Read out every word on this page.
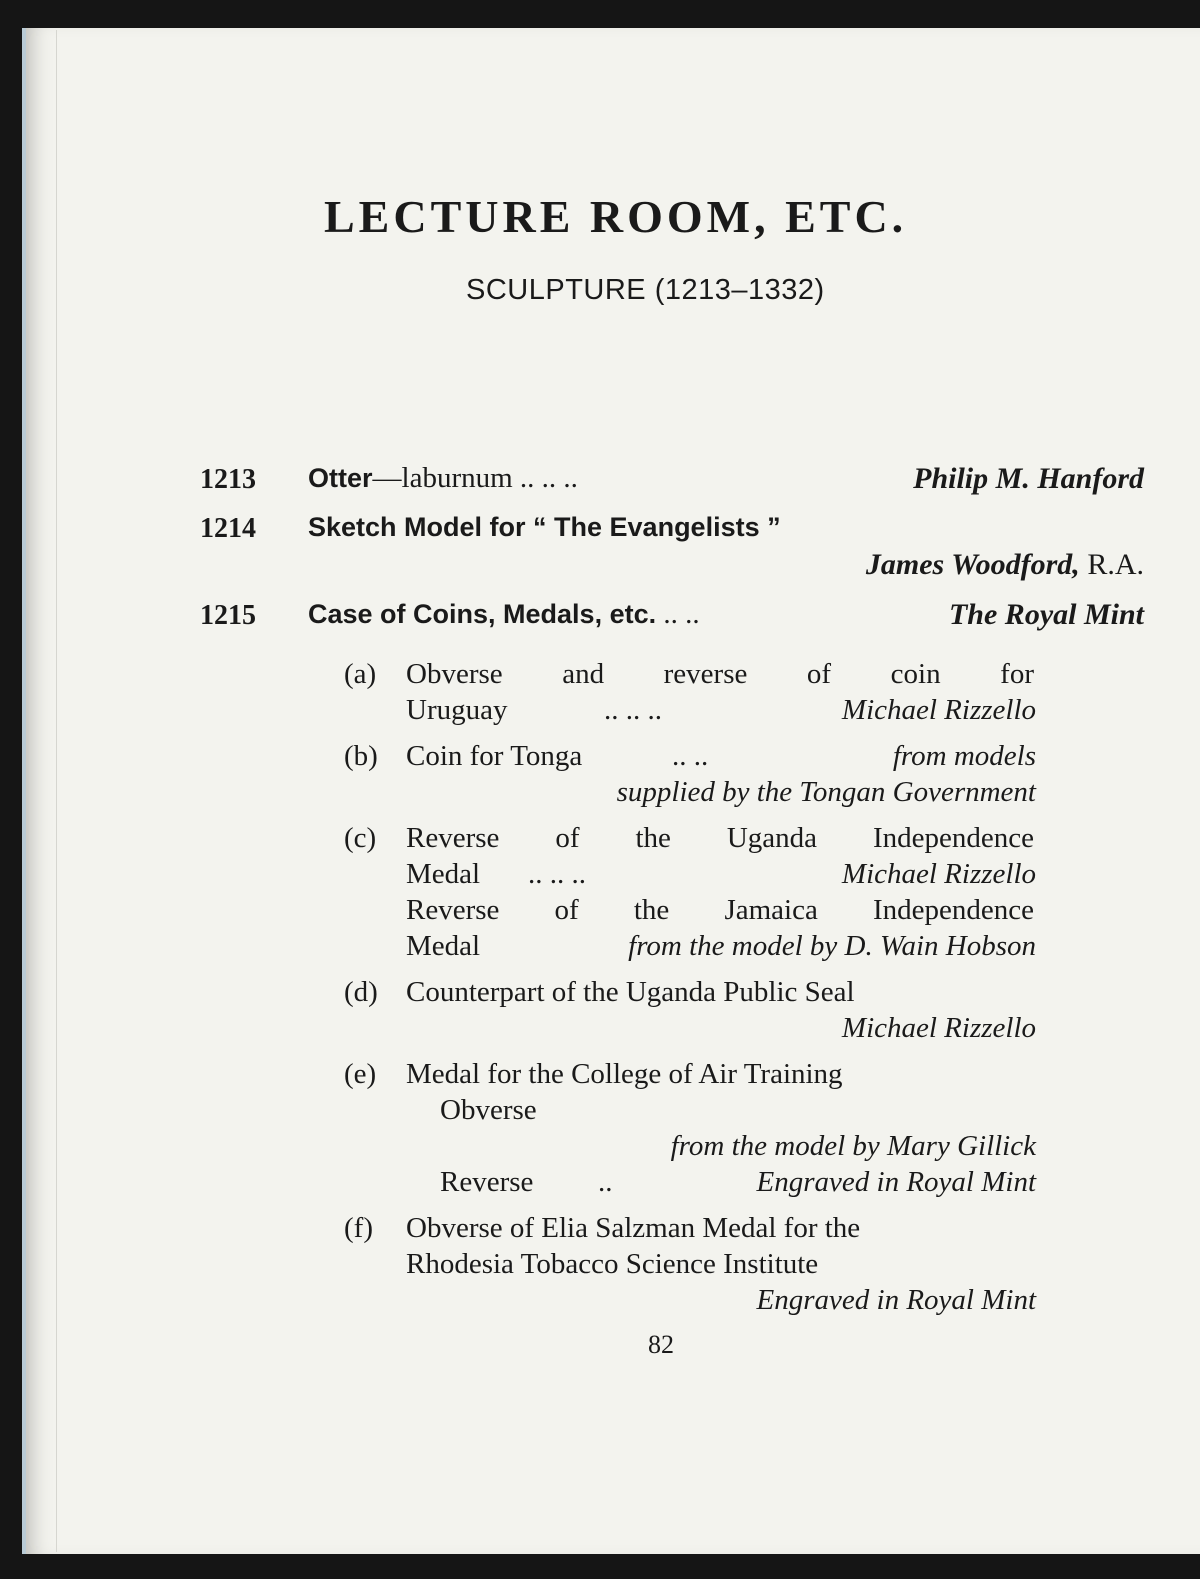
LECTURE ROOM, ETC.
SCULPTURE (1213–1332)
1213 Otter—laburnum .. .. ..	Philip M. Hanford
1214 Sketch Model for “ The Evangelists ”
James Woodford, R.A.
1215 Case of Coins, Medals, etc. .. ..	The Royal Mint
(a) Obverse and reverse of coin for
Uruguay	.. .. ..	Michael Rizzello
(b) Coin for Tonga	.. ..	from models
supplied by the Tongan Government
(c) Reverse of the Uganda Independence
Medal .. .. ..	Michael Rizzello
Reverse of the Jamaica Independence
Medal	from the model by D. Wain Hobson
(d) Counterpart of the Uganda Public Seal
Michael Rizzello
(e) Medal for the College of Air Training
Obverse
from the model by Mary Gillick
Reverse ..	Engraved in Royal Mint
(f) Obverse of Elia Salzman Medal for the
Rhodesia Tobacco Science Institute
Engraved in Royal Mint
82
